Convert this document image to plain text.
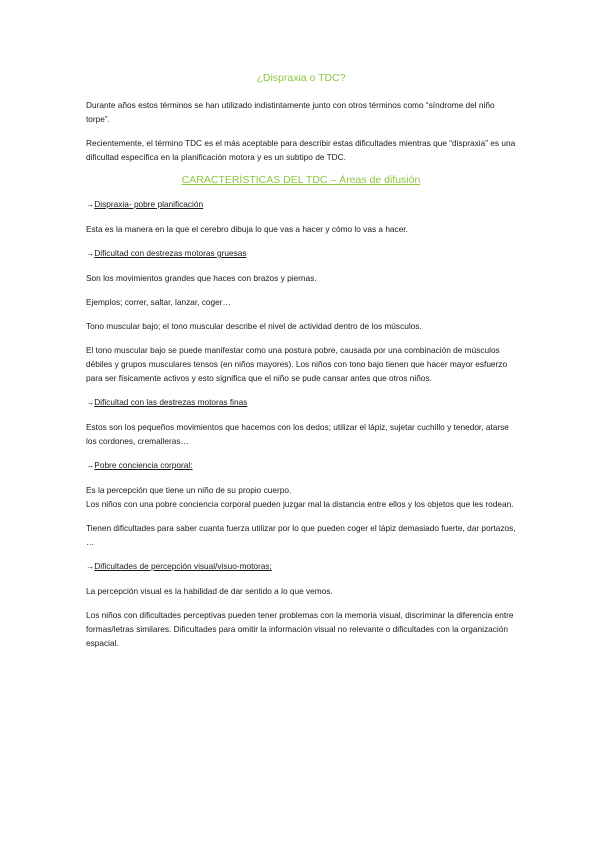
¿Dispraxia o TDC?

Durante años estos términos se han utilizado indistintamente junto con otros términos como “síndrome del niño torpe”.

Recientemente, el término TDC es el más aceptable para describir estas dificultades mientras que “dispraxia” es una dificultad específica en la planificación motora y es un subtipo de TDC.

CARACTERÍSTICAS DEL TDC – Áreas de difusión
→Dispraxia- pobre planificación

Esta es la manera en la que el cerebro dibuja lo que vas a hacer y cómo lo vas a hacer.

→Dificultad con destrezas motoras gruesas

Son los movimientos grandes que haces con brazos y piernas.

Ejemplos; correr, saltar, lanzar, coger…

Tono muscular bajo; el tono muscular describe el nivel de actividad dentro de los músculos.

El tono muscular bajo se puede manifestar como una postura pobre, causada por una combinación de músculos débiles y grupos musculares tensos (en niños mayores). Los niños con tono bajo tienen que hacer mayor esfuerzo para ser físicamente activos y esto significa que el niño se pude cansar antes que otros niños.

→Dificultad con las destrezas motoras finas

Estos son los pequeños movimientos que hacemos con los dedos; utilizar el lápiz, sujetar cuchillo y tenedor, atarse los cordones, cremalleras…

→Pobre conciencia corporal:

Es la percepción que tiene un niño de su propio cuerpo.

Los niños con una pobre conciencia corporal pueden juzgar mal la distancia entre ellos y los objetos que les rodean.

Tienen dificultades para saber cuanta fuerza utilizar por lo que pueden coger el lápiz demasiado fuerte, dar portazos, …

→Dificultades de percepción visual/visuo-motoras;

La percepción visual es la habilidad de dar sentido a lo que vemos.

Los niños con dificultades perceptivas pueden tener problemas con la memoria visual, discriminar la diferencia entre formas/letras similares. Dificultades para omitir la información visual no relevante o dificultades con la organización espacial.
